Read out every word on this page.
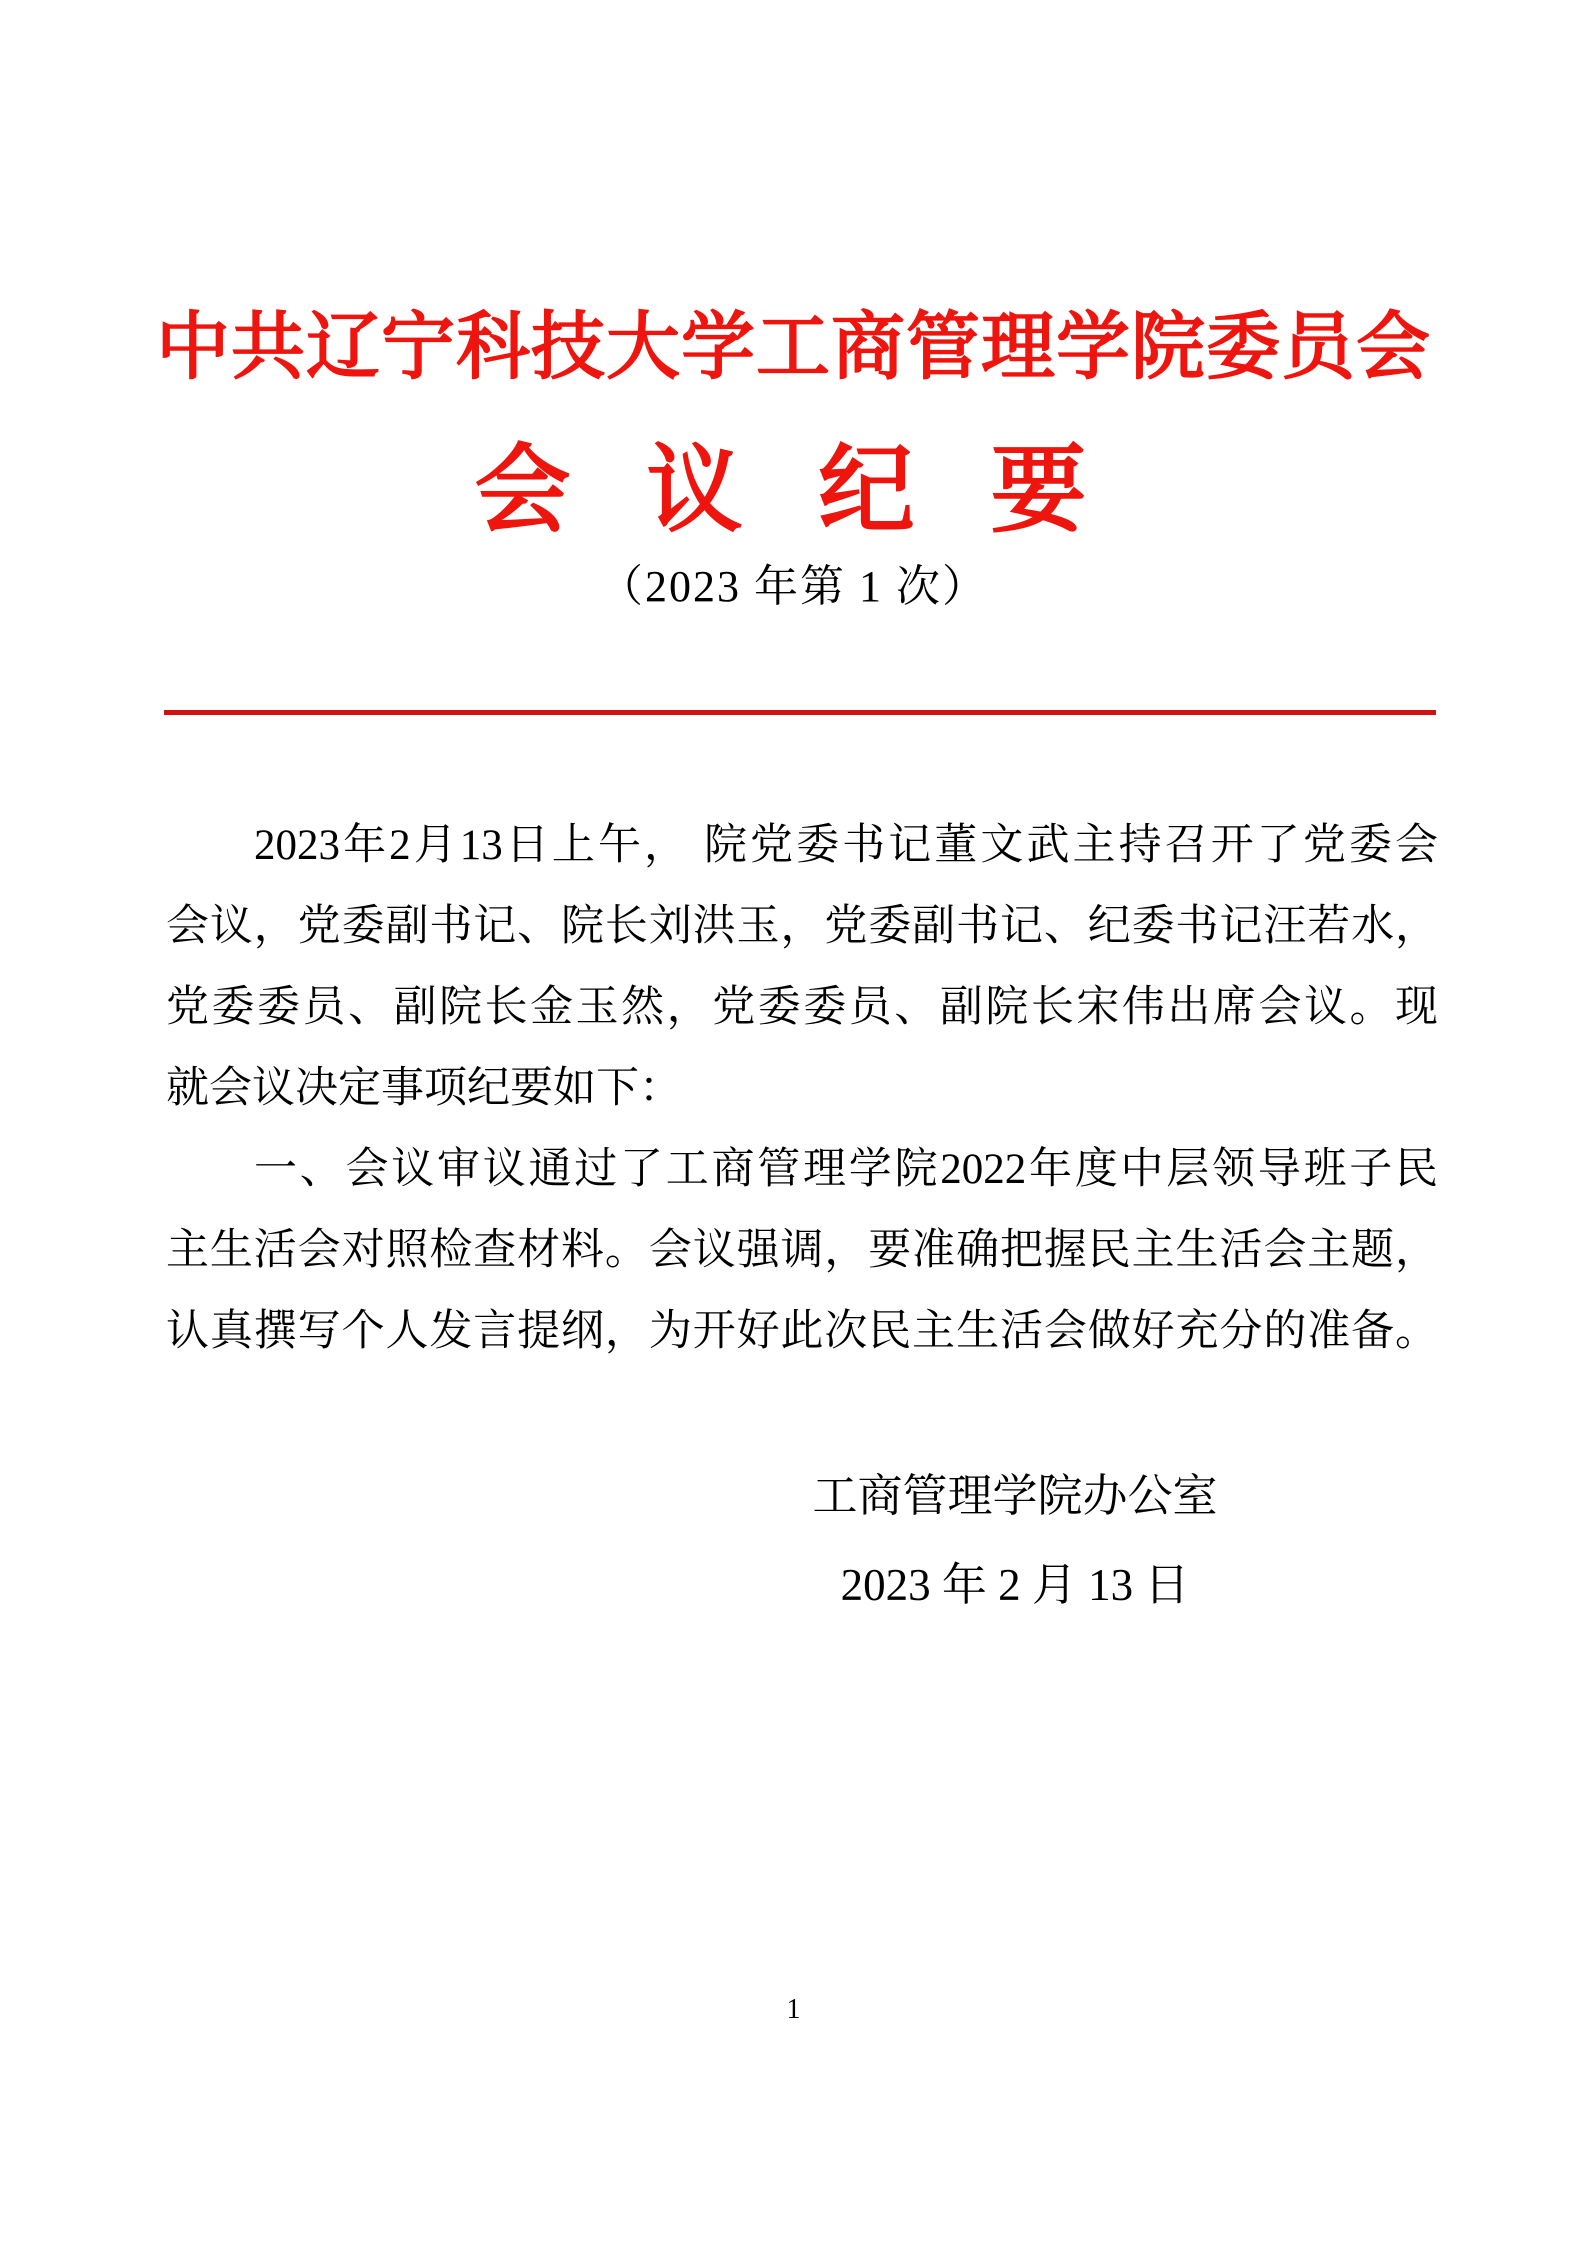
中共辽宁科技大学工商管理学院委员会
会 议 纪 要
（2023 年第 1 次）
2023年2月13日上午， 院党委书记董文武主持召开了党委会
会议，党委副书记、院长刘洪玉，党委副书记、纪委书记汪若水，
党委委员、副院长金玉然，党委委员、副院长宋伟出席会议。现
就会议决定事项纪要如下：
一、会议审议通过了工商管理学院2022年度中层领导班子民
主生活会对照检查材料。会议强调，要准确把握民主生活会主题，
认真撰写个人发言提纲，为开好此次民主生活会做好充分的准备。
工商管理学院办公室
2023 年 2 月 13 日
1
